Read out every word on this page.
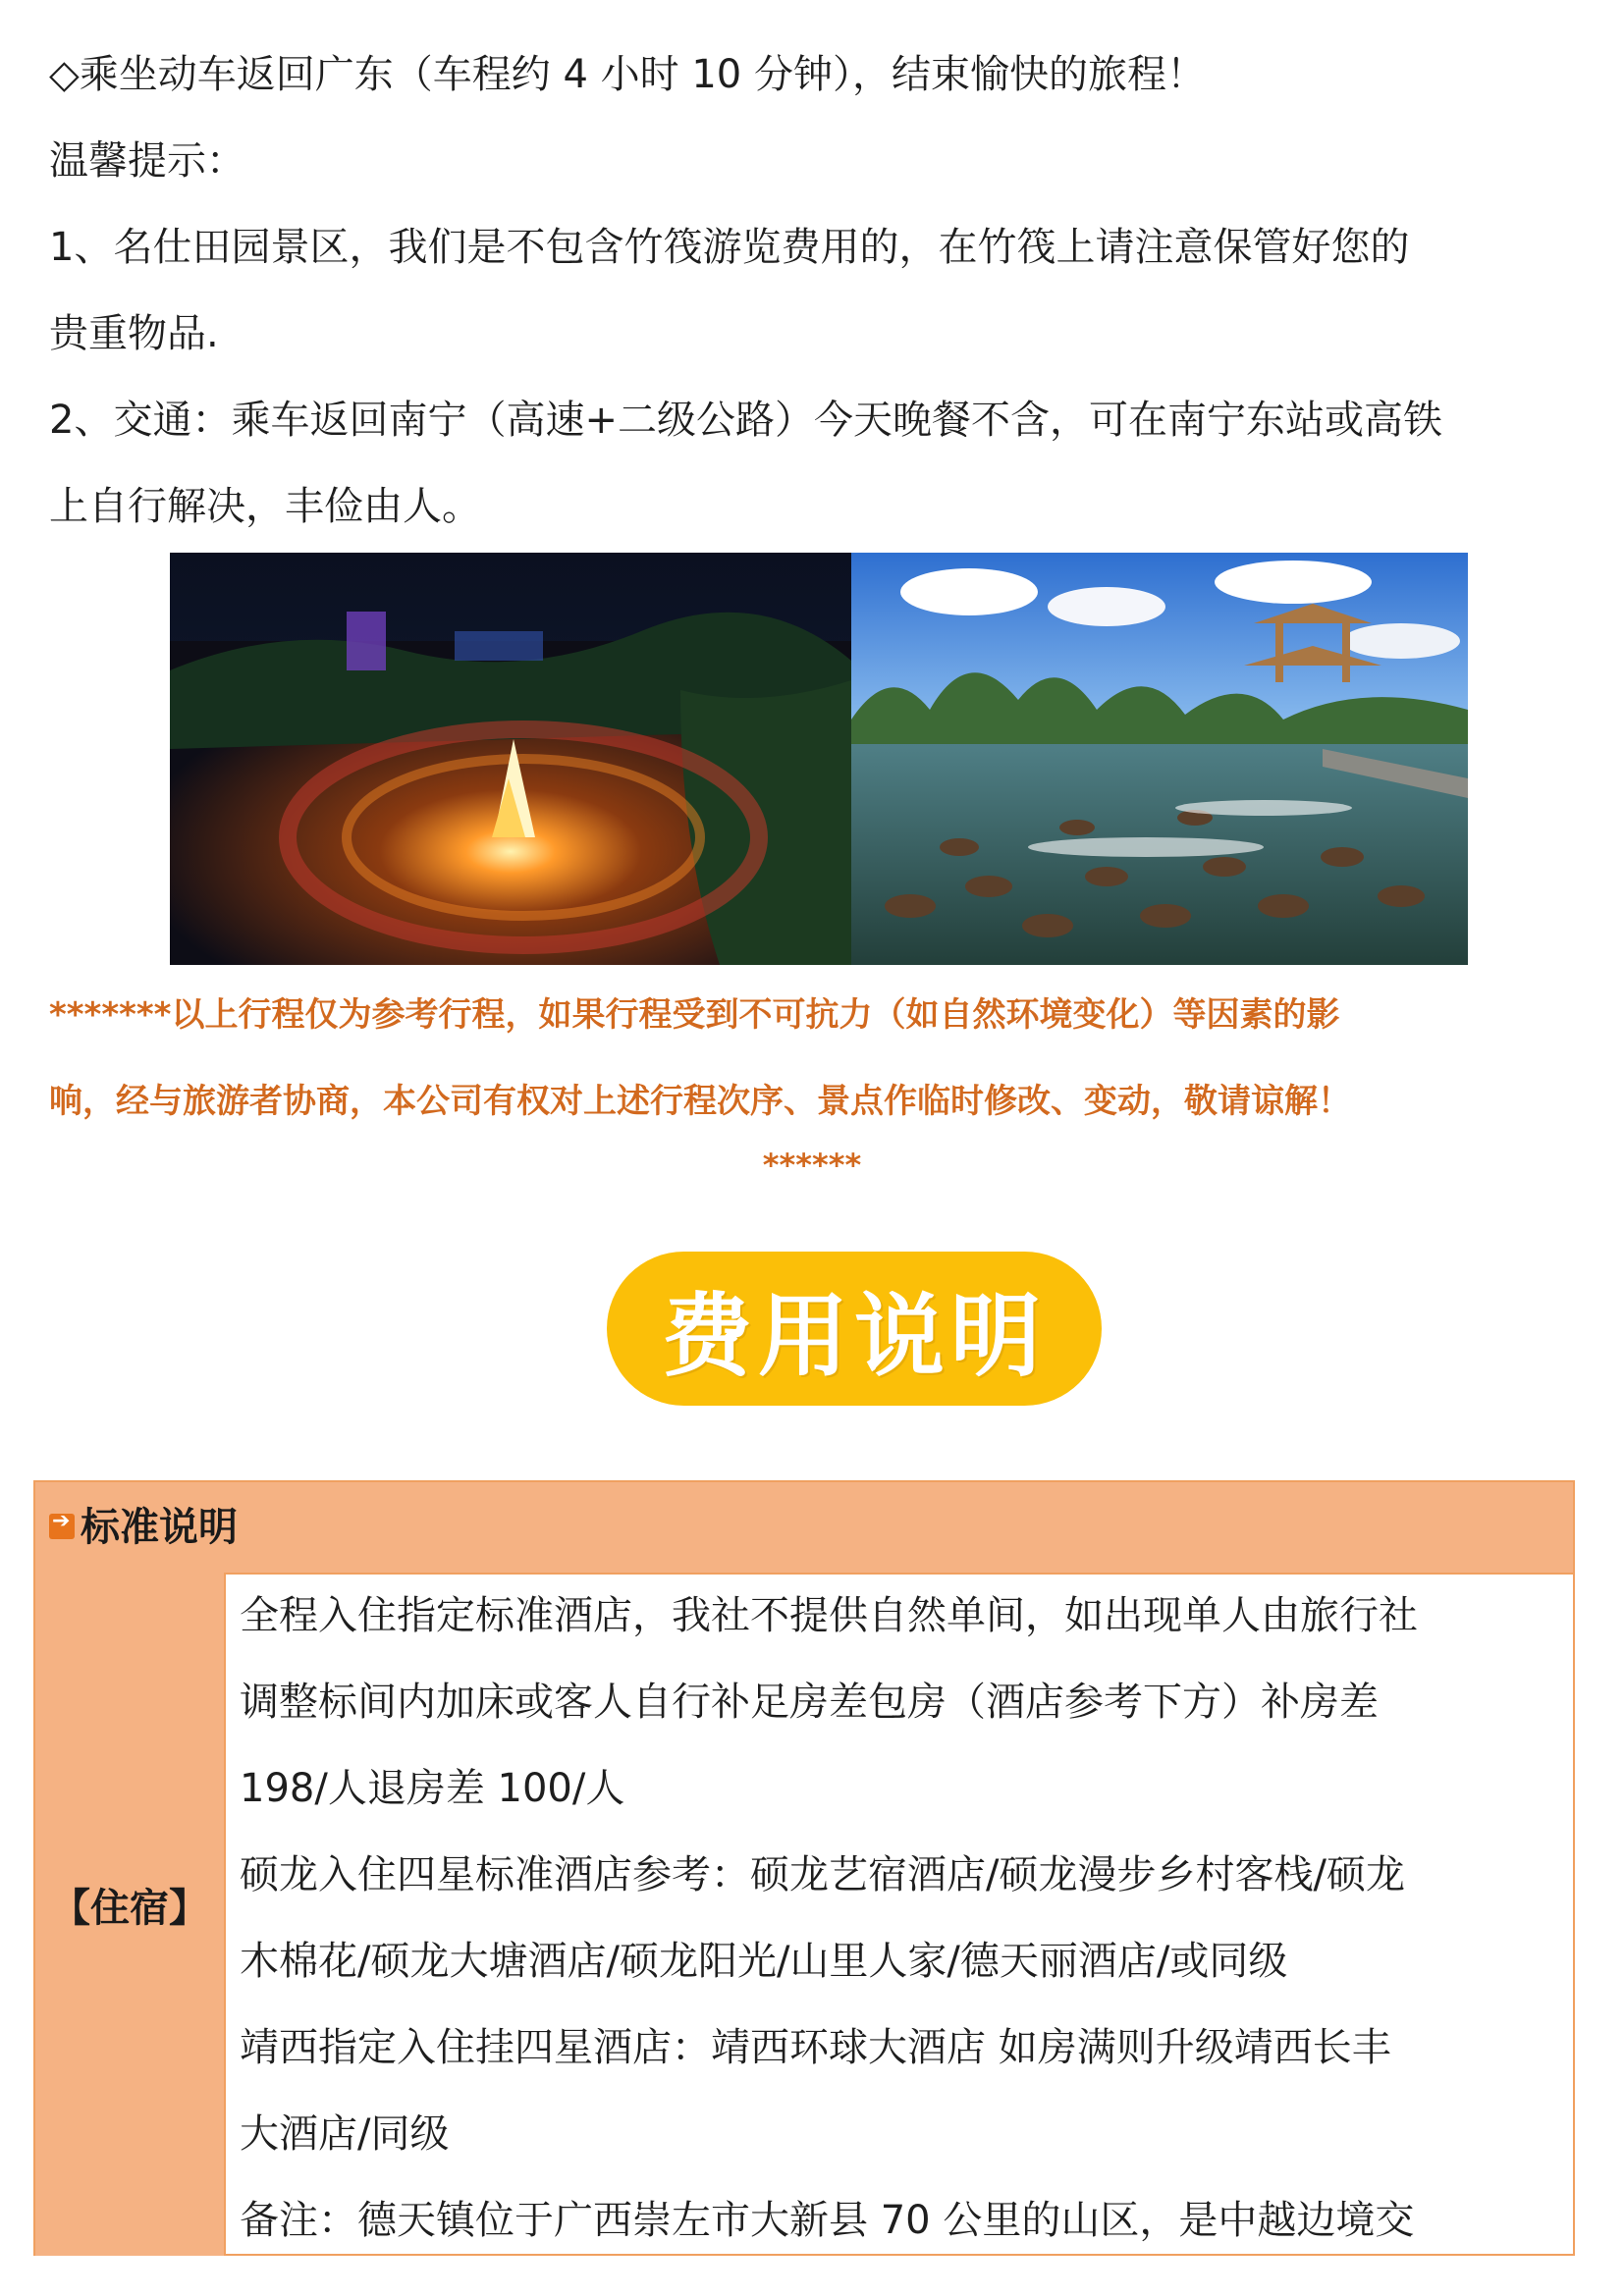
◇乘坐动车返回广东（车程约 4 小时 10 分钟），结束愉快的旅程！
温馨提示：
1、名仕田园景区，我们是不包含竹筏游览费用的，在竹筏上请注意保管好您的
贵重物品.
2、交通：乘车返回南宁（高速+二级公路）今天晚餐不含，可在南宁东站或高铁
上自行解决，丰俭由人。
*******以上行程仅为参考行程，如果行程受到不可抗力（如自然环境变化）等因素的影
响，经与旅游者协商，本公司有权对上述行程次序、景点作临时修改、变动，敬请谅解！
******
费用说明
➔
标准说明
【住宿】
全程入住指定标准酒店，我社不提供自然单间，如出现单人由旅行社
调整标间内加床或客人自行补足房差包房（酒店参考下方）补房差
198/人退房差 100/人
硕龙入住四星标准酒店参考：硕龙艺宿酒店/硕龙漫步乡村客栈/硕龙
木棉花/硕龙大塘酒店/硕龙阳光/山里人家/德天丽酒店/或同级
靖西指定入住挂四星酒店：靖西环球大酒店 如房满则升级靖西长丰
大酒店/同级
备注：德天镇位于广西崇左市大新县 70 公里的山区，是中越边境交
